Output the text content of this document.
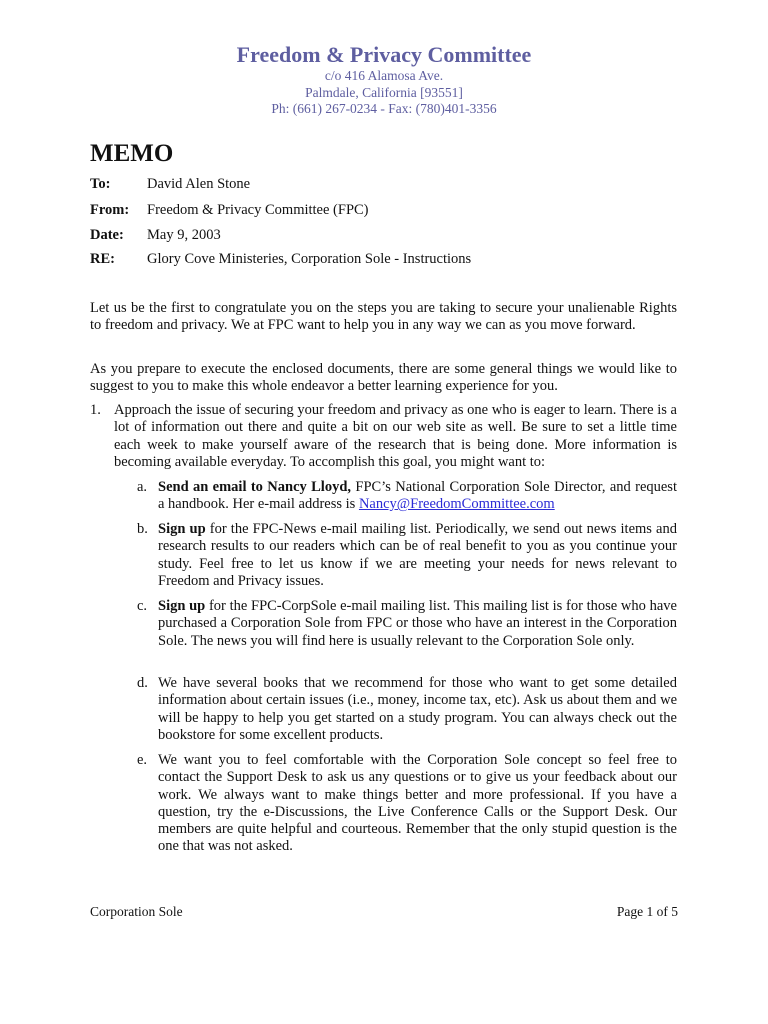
Freedom & Privacy Committee
c/o 416 Alamosa Ave.
Palmdale, California [93551]
Ph: (661) 267-0234 - Fax: (780)401-3356
MEMO
To:	David Alen Stone
From: Freedom & Privacy Committee (FPC)
Date: May 9, 2003
RE: Glory Cove Ministeries, Corporation Sole - Instructions

Let us be the first to congratulate you on the steps you are taking to secure your unalienable Rights to freedom and privacy. We at FPC want to help you in any way we can as you move forward.

As you prepare to execute the enclosed documents, there are some general things we would like to suggest to you to make this whole endeavor a better learning experience for you.

1. Approach the issue of securing your freedom and privacy as one who is eager to learn. There is a lot of information out there and quite a bit on our web site as well. Be sure to set a little time each week to make yourself aware of the research that is being done. More information is becoming available everyday. To accomplish this goal, you might want to:

a. Send an email to Nancy Lloyd, FPC’s National Corporation Sole Director, and request a handbook. Her e-mail address is Nancy@FreedomCommittee.com

b. Sign up for the FPC-News e-mail mailing list. Periodically, we send out news items and research results to our readers which can be of real benefit to you as you continue your study. Feel free to let us know if we are meeting your needs for news relevant to Freedom and Privacy issues.

c. Sign up for the FPC-CorpSole e-mail mailing list. This mailing list is for those who have purchased a Corporation Sole from FPC or those who have an interest in the Corporation Sole. The news you will find here is usually relevant to the Corporation Sole only.

d. We have several books that we recommend for those who want to get some detailed information about certain issues (i.e., money, income tax, etc). Ask us about them and we will be happy to help you get started on a study program. You can always check out the bookstore for some excellent products.

e. We want you to feel comfortable with the Corporation Sole concept so feel free to contact the Support Desk to ask us any questions or to give us your feedback about our work. We always want to make things better and more professional. If you have a question, try the e-Discussions, the Live Conference Calls or the Support Desk. Our members are quite helpful and courteous. Remember that the only stupid question is the one that was not asked.

Corporation Sole	Page 1 of 5
